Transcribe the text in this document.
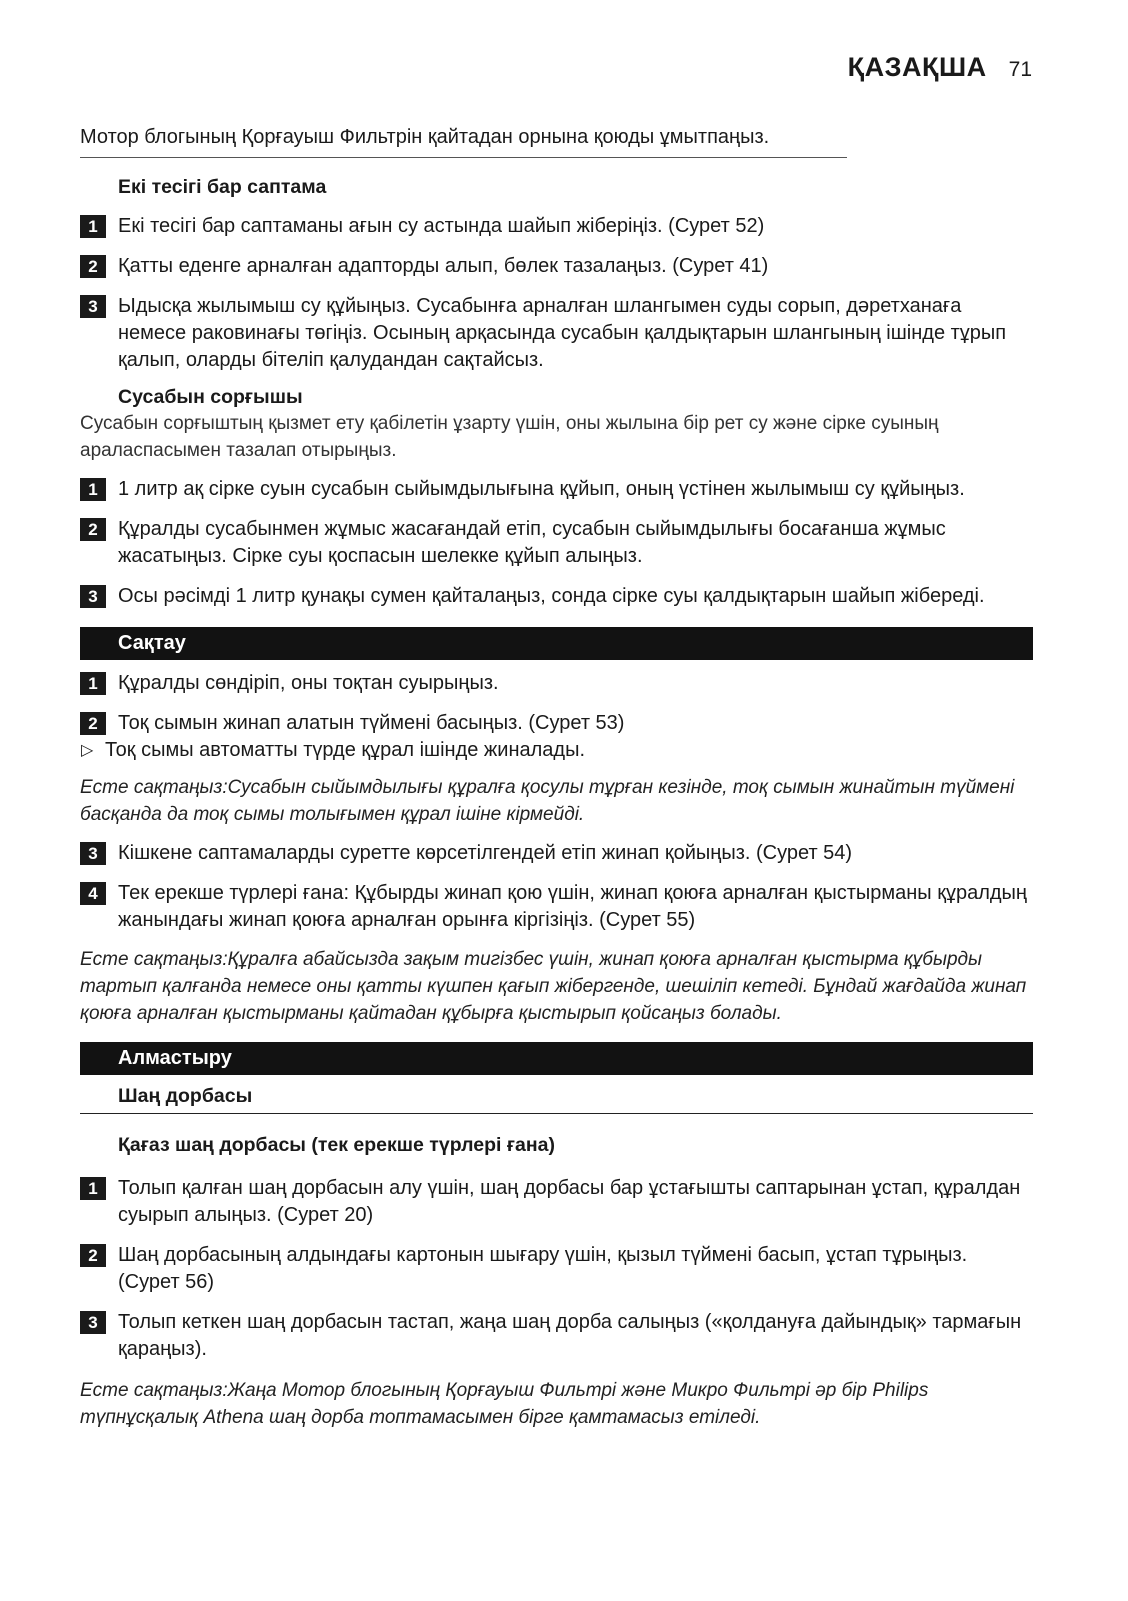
ҚАЗАҚША 71
Мотор блогының Қорғауыш Фильтрін қайтадан орнына қоюды ұмытпаңыз.
Екі тесігі бар саптама
1	Екі тесігі бар саптаманы ағын су астында шайып жіберіңіз. (Сурет 52)
2	Қатты еденге арналған адапторды алып, бөлек тазалаңыз. (Сурет 41)
3	Ыдысқа жылымыш су құйыңыз. Сусабынға арналған шлангымен суды сорып, дәретханаға немесе раковинағы төгіңіз. Осының арқасында сусабын қалдықтарын шлангының ішінде тұрып қалып, оларды бітеліп қалудандан сақтайсыз.
Сусабын сорғышы
Сусабын сорғыштың қызмет ету қабілетін ұзарту үшін, оны жылына бір рет су және сірке суының араласпасымен тазалап отырыңыз.
1	1 литр ақ сірке суын сусабын сыйымдылығына құйып, оның үстінен жылымыш су құйыңыз.
2	Құралды сусабынмен жұмыс жасағандай етіп, сусабын сыйымдылығы босағанша жұмыс жасатыңыз. Сірке суы қоспасын шелекке құйып алыңыз.
3	Осы рәсімді 1 литр қунақы сумен қайталаңыз, сонда сірке суы қалдықтарын шайып жібереді.
Сақтау
1	Құралды сөндіріп, оны тоқтан суырыңыз.
2	Тоқ сымын жинап алатын түймені басыңыз. (Сурет 53)
▷ Тоқ сымы автоматты түрде құрал ішінде жиналады.
Есте сақтаңыз:Сусабын сыйымдылығы құралға қосулы тұрған кезінде, тоқ сымын жинайтын түймені басқанда да тоқ сымы толығымен құрал ішіне кірмейді.
3	Кішкене саптамаларды суретте көрсетілгендей етіп жинап қойыңыз. (Сурет 54)
4	Тек ерекше түрлері ғана: Құбырды жинап қою үшін, жинап қоюға арналған қыстырманы құралдың жанындағы жинап қоюға арналған орынға кіргізіңіз. (Сурет 55)
Есте сақтаңыз:Құралға абайсызда зақым тигізбес үшін, жинап қоюға арналған қыстырма құбырды тартып қалғанда немесе оны қатты күшпен қағып жібергенде, шешіліп кетеді. Бұндай жағдайда жинап қоюға арналған қыстырманы қайтадан құбырға қыстырып қойсаңыз болады.
Алмастыру
Шаң дорбасы
Қағаз шаң дорбасы (тек ерекше түрлері ғана)
1	Толып қалған шаң дорбасын алу үшін, шаң дорбасы бар ұстағышты саптарынан ұстап, құралдан суырып алыңыз. (Сурет 20)
2	Шаң дорбасының алдындағы картонын шығару үшін, қызыл түймені басып, ұстап тұрыңыз. (Сурет 56)
3	Толып кеткен шаң дорбасын тастап, жаңа шаң дорба салыңыз («қолдануға дайындық» тармағын қараңыз).
Есте сақтаңыз:Жаңа Мотор блогының Қорғауыш Фильтрі және Микро Фильтрі әр бір Philips түпнұсқалық Athena шаң дорба топтамасымен бірге қамтамасыз етіледі.
